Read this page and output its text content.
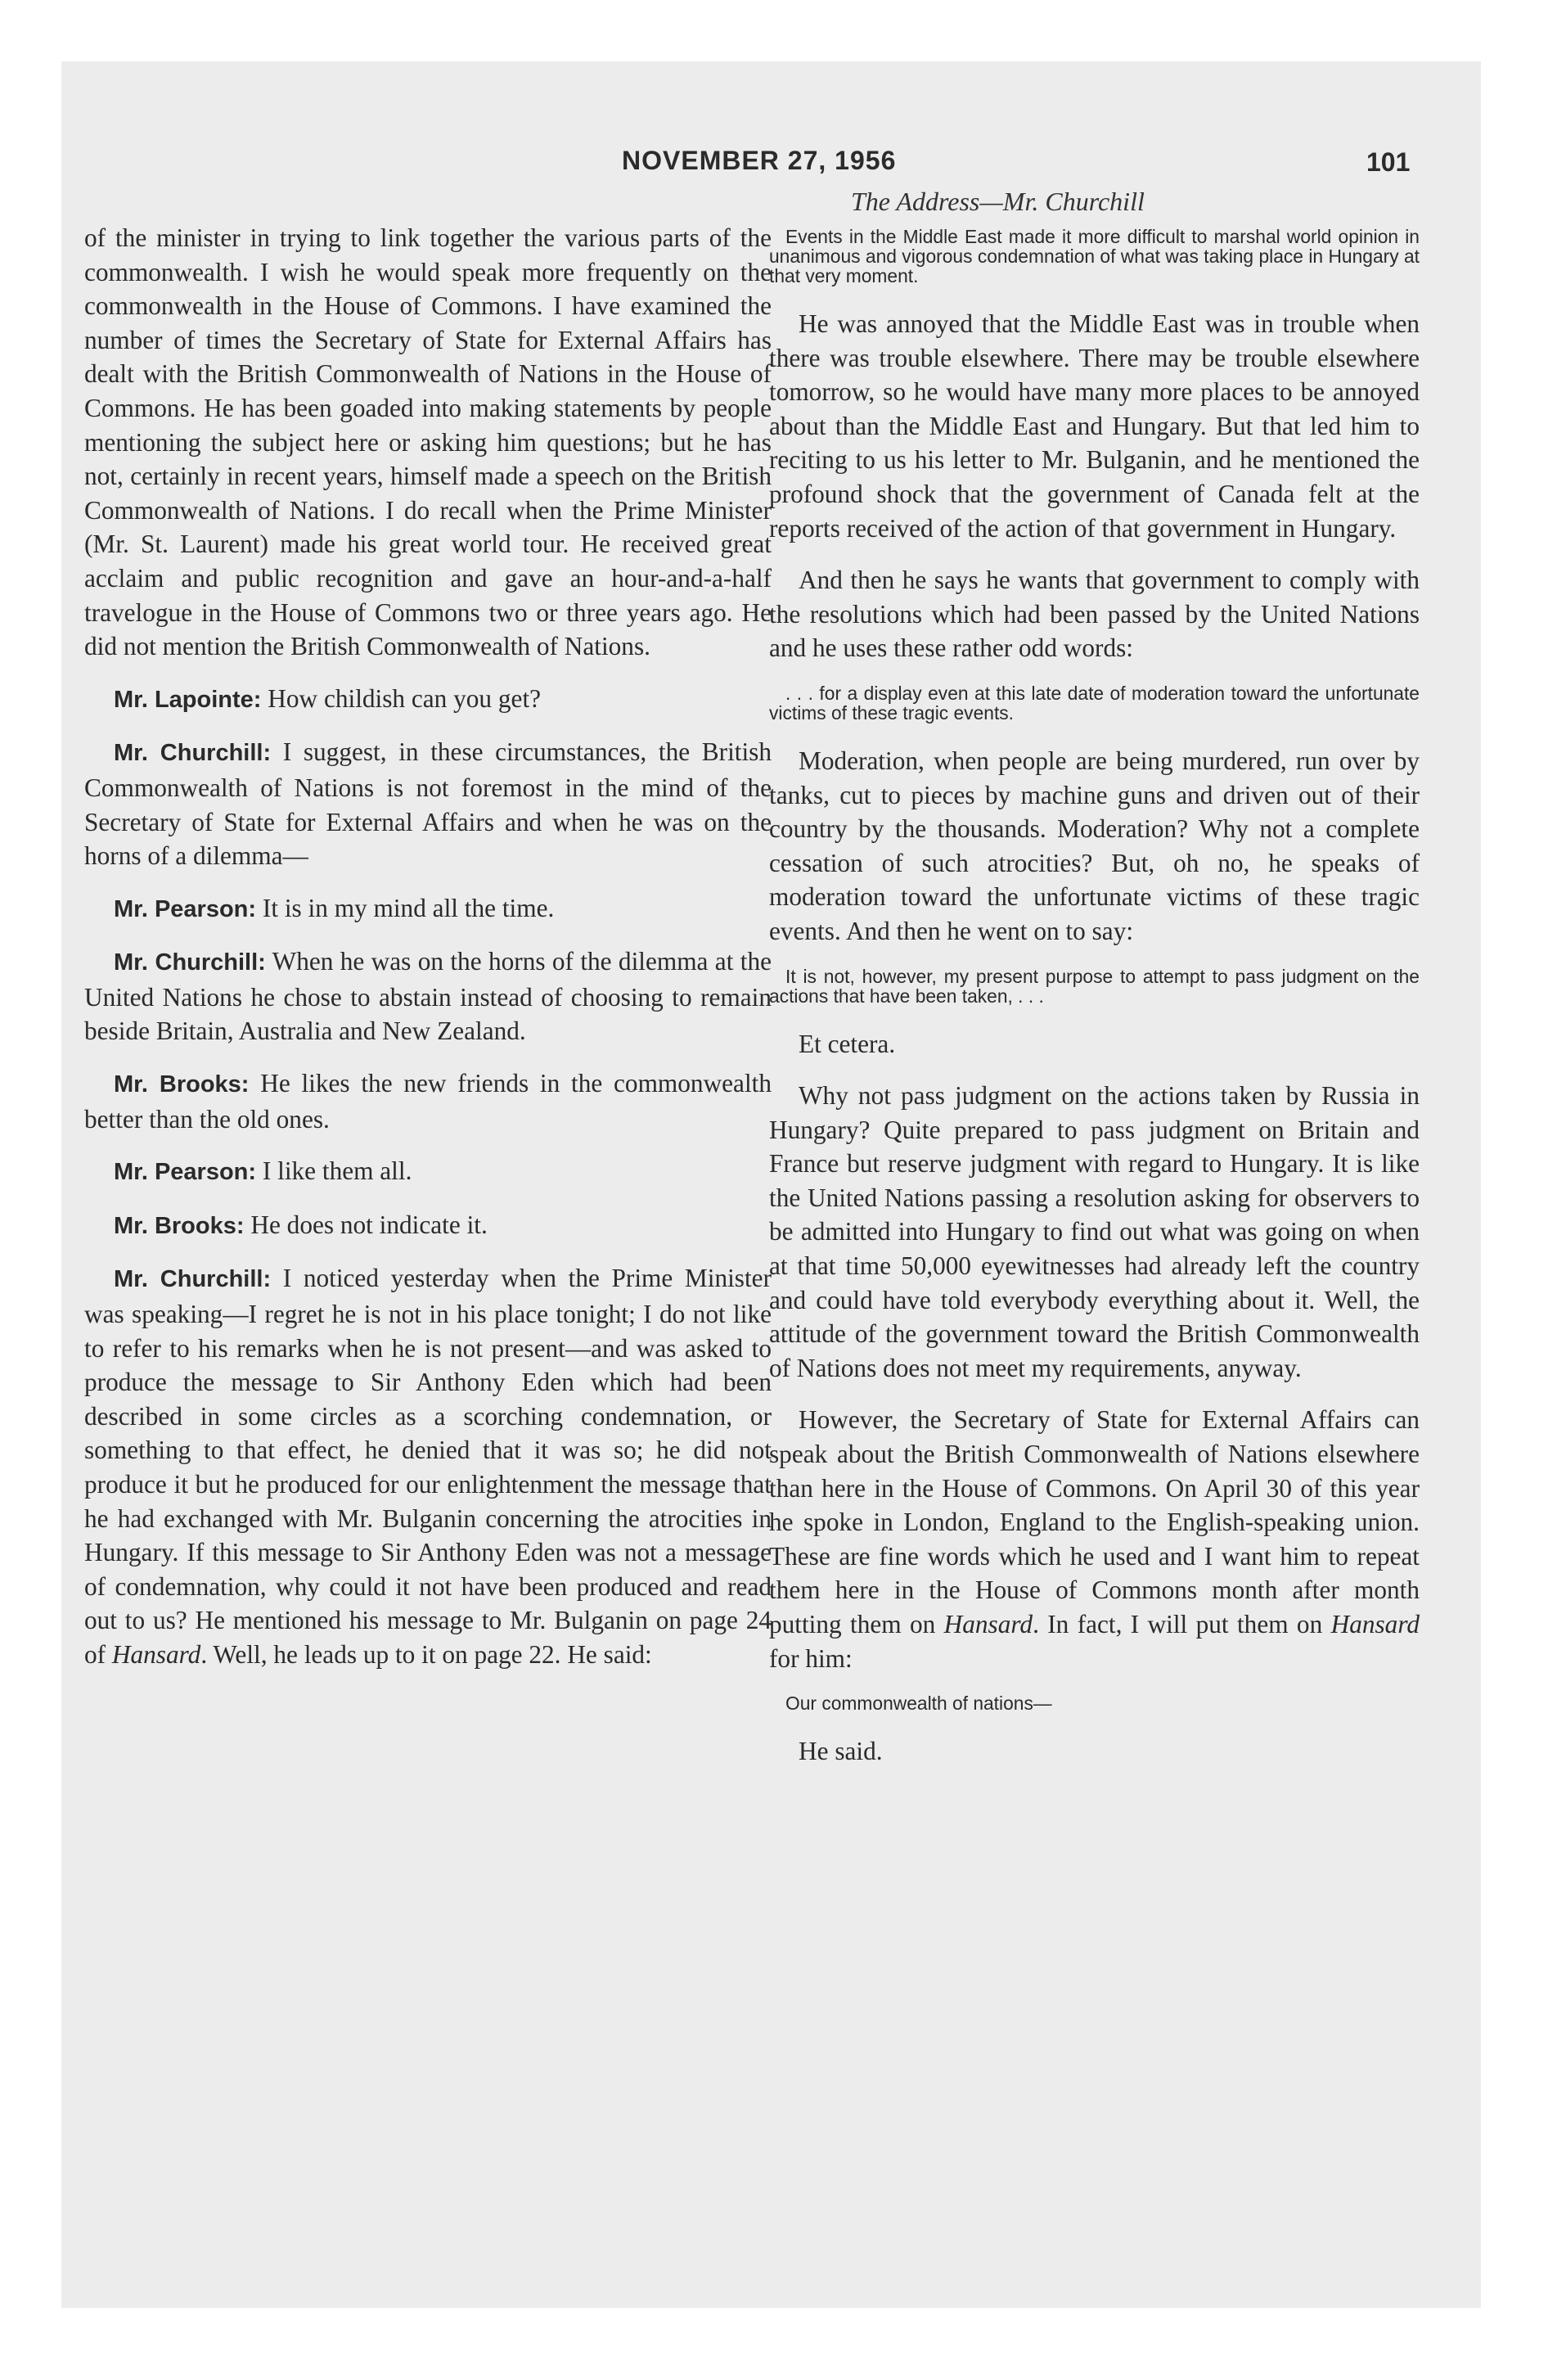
NOVEMBER 27, 1956	101
The Address—Mr. Churchill

of the minister in trying to link together the various parts of the commonwealth. I wish he would speak more frequently on the commonwealth in the House of Commons. I have examined the number of times the Secretary of State for External Affairs has dealt with the British Commonwealth of Nations in the House of Commons. He has been goaded into making statements by people mentioning the subject here or asking him questions; but he has not, certainly in recent years, himself made a speech on the British Commonwealth of Nations. I do recall when the Prime Minister (Mr. St. Laurent) made his great world tour. He received great acclaim and public recognition and gave an hour-and-a-half travelogue in the House of Commons two or three years ago. He did not mention the British Commonwealth of Nations.

Mr. Lapointe: How childish can you get?

Mr. Churchill: I suggest, in these circumstances, the British Commonwealth of Nations is not foremost in the mind of the Secretary of State for External Affairs and when he was on the horns of a dilemma—

Mr. Pearson: It is in my mind all the time.

Mr. Churchill: When he was on the horns of the dilemma at the United Nations he chose to abstain instead of choosing to remain beside Britain, Australia and New Zealand.

Mr. Brooks: He likes the new friends in the commonwealth better than the old ones.

Mr. Pearson: I like them all.

Mr. Brooks: He does not indicate it.

Mr. Churchill: I noticed yesterday when the Prime Minister was speaking—I regret he is not in his place tonight; I do not like to refer to his remarks when he is not present—and was asked to produce the message to Sir Anthony Eden which had been described in some circles as a scorching condemnation, or something to that effect, he denied that it was so; he did not produce it but he produced for our enlightenment the message that he had exchanged with Mr. Bulganin concerning the atrocities in Hungary. If this message to Sir Anthony Eden was not a message of condemnation, why could it not have been produced and read out to us? He mentioned his message to Mr. Bulganin on page 24 of Hansard. Well, he leads up to it on page 22. He said:

Events in the Middle East made it more difficult to marshal world opinion in unanimous and vigorous condemnation of what was taking place in Hungary at that very moment.

He was annoyed that the Middle East was in trouble when there was trouble elsewhere. There may be trouble elsewhere tomorrow, so he would have many more places to be annoyed about than the Middle East and Hungary. But that led him to reciting to us his letter to Mr. Bulganin, and he mentioned the profound shock that the government of Canada felt at the reports received of the action of that government in Hungary.

And then he says he wants that government to comply with the resolutions which had been passed by the United Nations and he uses these rather odd words:

. . . for a display even at this late date of moderation toward the unfortunate victims of these tragic events.

Moderation, when people are being murdered, run over by tanks, cut to pieces by machine guns and driven out of their country by the thousands. Moderation? Why not a complete cessation of such atrocities? But, oh no, he speaks of moderation toward the unfortunate victims of these tragic events. And then he went on to say:

It is not, however, my present purpose to attempt to pass judgment on the actions that have been taken, . . .

Et cetera.

Why not pass judgment on the actions taken by Russia in Hungary? Quite prepared to pass judgment on Britain and France but reserve judgment with regard to Hungary. It is like the United Nations passing a resolution asking for observers to be admitted into Hungary to find out what was going on when at that time 50,000 eyewitnesses had already left the country and could have told everybody everything about it. Well, the attitude of the government toward the British Commonwealth of Nations does not meet my requirements, anyway.

However, the Secretary of State for External Affairs can speak about the British Commonwealth of Nations elsewhere than here in the House of Commons. On April 30 of this year he spoke in London, England to the English-speaking union. These are fine words which he used and I want him to repeat them here in the House of Commons month after month putting them on Hansard. In fact, I will put them on Hansard for him:

Our commonwealth of nations—

He said.
